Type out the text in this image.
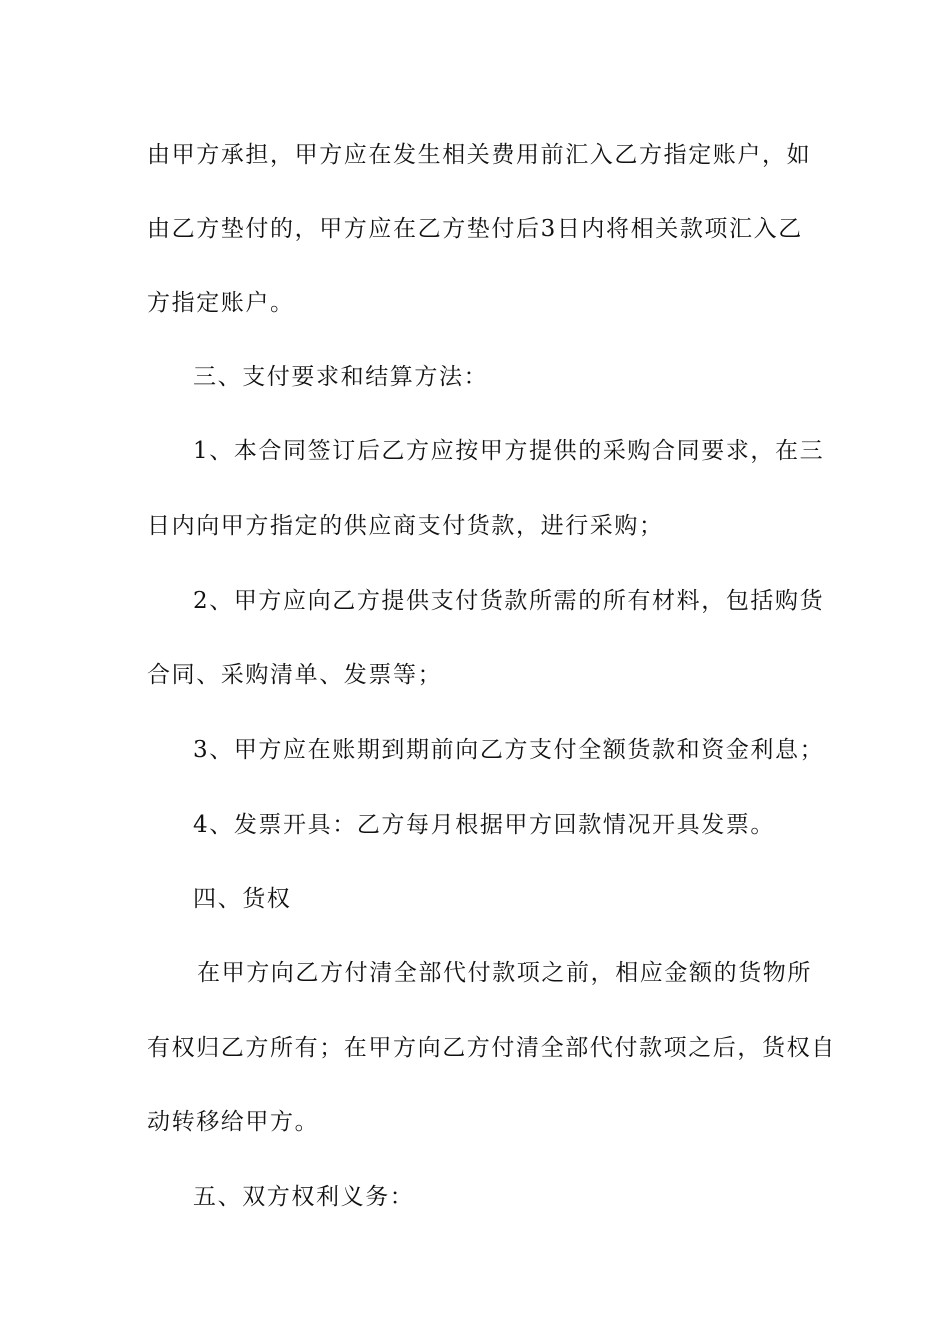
由甲方承担，甲方应在发生相关费用前汇入乙方指定账户，如
由乙方垫付的，甲方应在乙方垫付后3日内将相关款项汇入乙
方指定账户。
三、支付要求和结算方法：
1、本合同签订后乙方应按甲方提供的采购合同要求，在三
日内向甲方指定的供应商支付货款，进行采购；
2、甲方应向乙方提供支付货款所需的所有材料，包括购货
合同、采购清单、发票等；
3、甲方应在账期到期前向乙方支付全额货款和资金利息；
4、发票开具：乙方每月根据甲方回款情况开具发票。
四、货权
在甲方向乙方付清全部代付款项之前，相应金额的货物所
有权归乙方所有；在甲方向乙方付清全部代付款项之后，货权自
动转移给甲方。
五、双方权利义务：
